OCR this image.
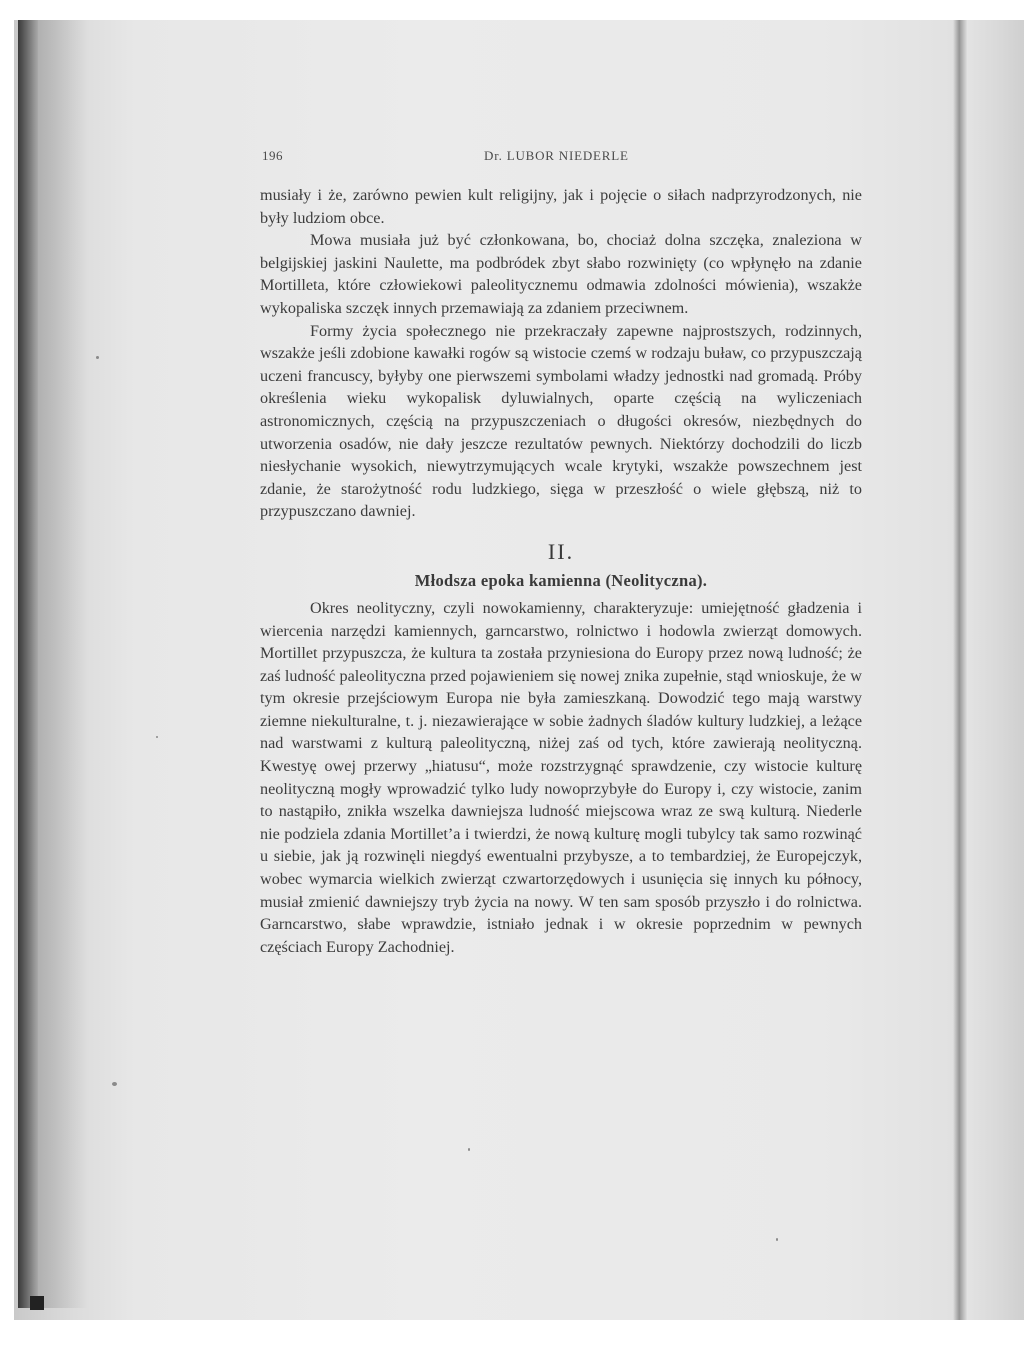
196	Dr. LUBOR NIEDERLE

musiały i że, zarówno pewien kult religijny, jak i pojęcie o siłach nadprzyrodzonych, nie były ludziom obce.

Mowa musiała już być członkowana, bo, chociaż dolna szczęka, znaleziona w belgijskiej jaskini Naulette, ma podbródek zbyt słabo rozwinięty (co wpłynęło na zdanie Mortilleta, które człowiekowi paleolitycznemu odmawia zdolności mówienia), wszakże wykopaliska szczęk innych przemawiają za zdaniem przeciwnem.

Formy życia społecznego nie przekraczały zapewne najprostszych, rodzinnych, wszakże jeśli zdobione kawałki rogów są wistocie czemś w rodzaju buław, co przypuszczają uczeni francuscy, byłyby one pierwszemi symbolami władzy jednostki nad gromadą. Próby określenia wieku wykopalisk dyluwialnych, oparte częścią na wyliczeniach astronomicznych, częścią na przypuszczeniach o długości okresów, niezbędnych do utworzenia osadów, nie dały jeszcze rezultatów pewnych. Niektórzy dochodzili do liczb niesłychanie wysokich, niewytrzymujących wcale krytyki, wszakże powszechnem jest zdanie, że starożytność rodu ludzkiego, sięga w przeszłość o wiele głębszą, niż to przypuszczano dawniej.

II.
Młodsza epoka kamienna (Neolityczna).

Okres neolityczny, czyli nowokamienny, charakteryzuje: umiejętność gładzenia i wiercenia narzędzi kamiennych, garncarstwo, rolnictwo i hodowla zwierząt domowych. Mortillet przypuszcza, że kultura ta została przyniesiona do Europy przez nową ludność; że zaś ludność paleolityczna przed pojawieniem się nowej znika zupełnie, stąd wnioskuje, że w tym okresie przejściowym Europa nie była zamieszkaną. Dowodzić tego mają warstwy ziemne niekulturalne, t. j. niezawierające w sobie żadnych śladów kultury ludzkiej, a leżące nad warstwami z kulturą paleolityczną, niżej zaś od tych, które zawierają neolityczną. Kwestyę owej przerwy „hiatusu“, może rozstrzygnąć sprawdzenie, czy wistocie kulturę neolityczną mogły wprowadzić tylko ludy nowoprzybyłe do Europy i, czy wistocie, zanim to nastąpiło, znikła wszelka dawniejsza ludność miejscowa wraz ze swą kulturą. Niederle nie podziela zdania Mortillet’a i twierdzi, że nową kulturę mogli tubylcy tak samo rozwinąć u siebie, jak ją rozwinęli niegdyś ewentualni przybysze, a to tembardziej, że Europejczyk, wobec wymarcia wielkich zwierząt czwartorzędowych i usunięcia się innych ku północy, musiał zmienić dawniejszy tryb życia na nowy. W ten sam sposób przyszło i do rolnictwa. Garncarstwo, słabe wprawdzie, istniało jednak i w okresie poprzednim w pewnych częściach Europy Zachodniej.
